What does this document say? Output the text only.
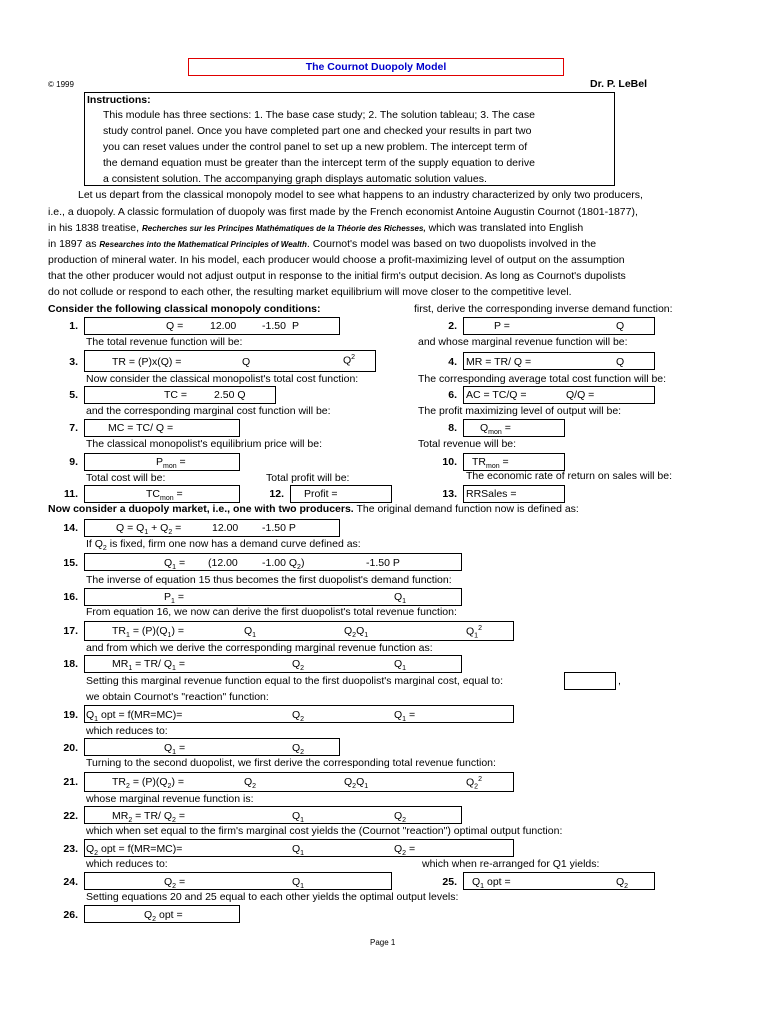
The Cournot Duopoly Model
© 1999	Dr. P. LeBel
Instructions:
This module has three sections: 1. The base case study; 2. The solution tableau; 3. The case
study control panel. Once you have completed part one and checked your results in part two
you can reset values under the control panel to set up a new problem. The intercept term of
the demand equation must be greater than the intercept term of the supply equation to derive
a consistent solution. The accompanying graph displays automatic solution values.
Let us depart from the classical monopoly model to see what happens to an industry characterized by only two producers,
i.e., a duopoly. A classic formulation of duopoly was first made by the French economist Antoine Augustin Cournot (1801-1877),
in his 1838 treatise, Recherches sur les Principes Mathématiques de la Théorie des Richesses, which was translated into English
in 1897 as Researches into the Mathematical Principles of Wealth. Cournot's model was based on two duopolists involved in the
production of mineral water. In his model, each producer would choose a profit-maximizing level of output on the assumption
that the other producer would not adjust output in response to the initial firm's output decision. As long as Cournot's dupolists
do not collude or respond to each other, the resulting market equilibrium will move closer to the competitive level.
Consider the following classical monopoly conditions:	first, derive the corresponding inverse demand function:
1.	Q =	12.00 -1.50 P	2.	P =	Q
The total revenue function will be:	and whose marginal revenue function will be:
3.	TR = (P)x(Q) =	Q	$Q^2$	4. MR = TR/ Q =	Q
Now consider the classical monopolist's total cost function:	The corresponding average total cost function will be:
5.	TC =	2.50 Q	6. AC = TC/Q =	Q/Q =
and the corresponding marginal cost function will be:	The profit maximizing level of output will be:
7.	MC = TC/ Q =	8. $Q_{mon}$ =
The classical monopolist's equilibrium price will be:	Total revenue will be:
9.	$P_{mon}$ =	10. $TR_{mon}$ =
Total cost will be:	Total profit will be:	The economic rate of return on sales will be:
11.	$TC_{mon}$ =	12. Profit =	13. RRSales =
Now consider a duopoly market, i.e., one with two producers. The original demand function now is defined as:
14.	$Q = Q_1 + Q_2$ =	12.00 -1.50 P
If $Q_2$ is fixed, firm one now has a demand curve defined as:
15.	$Q_1 = (12.00$ -1.00 $Q_2$)	-1.50 P
The inverse of equation 15 thus becomes the first duopolist's demand function:
16.	$P_1$ =	$Q_1$
From equation 16, we now can derive the first duopolist's total revenue function:
17.	$TR_1 = (P)(Q_1)$ =	$Q_1$	$Q_2Q_1$	$Q_1^2$
and from which we derive the corresponding marginal revenue function as:
18.	$MR_1 = TR/$ $Q_1$ =	$Q_2$	$Q_1$
Setting this marginal revenue function equal to the first duopolist's marginal cost, equal to:	,
we obtain Cournot's "reaction" function:
19. $Q_1$ opt = f(MR=MC)=	$Q_2$	$Q_1$ =
which reduces to:
20.	$Q_1$ =	$Q_2$
Turning to the second duopolist, we first derive the corresponding total revenue function:
21.	$TR_2 = (P)(Q_2)$ =	$Q_2$	$Q_2Q_1$	$Q_2^2$
whose marginal revenue function is:
22.	$MR_2 = TR/$ $Q_2$ =	$Q_1$	$Q_2$
which when set equal to the firm's marginal cost yields the (Cournot "reaction") optimal output function:
23. $Q_2$ opt = f(MR=MC)=	$Q_1$	$Q_2$ =
which reduces to:	which when re-arranged for Q1 yields:
24.	$Q_2$ =	$Q_1$	25. $Q_1$ opt =	$Q_2$
Setting equations 20 and 25 equal to each other yields the optimal output levels:
26.	$Q_2$ opt =
Page 1
